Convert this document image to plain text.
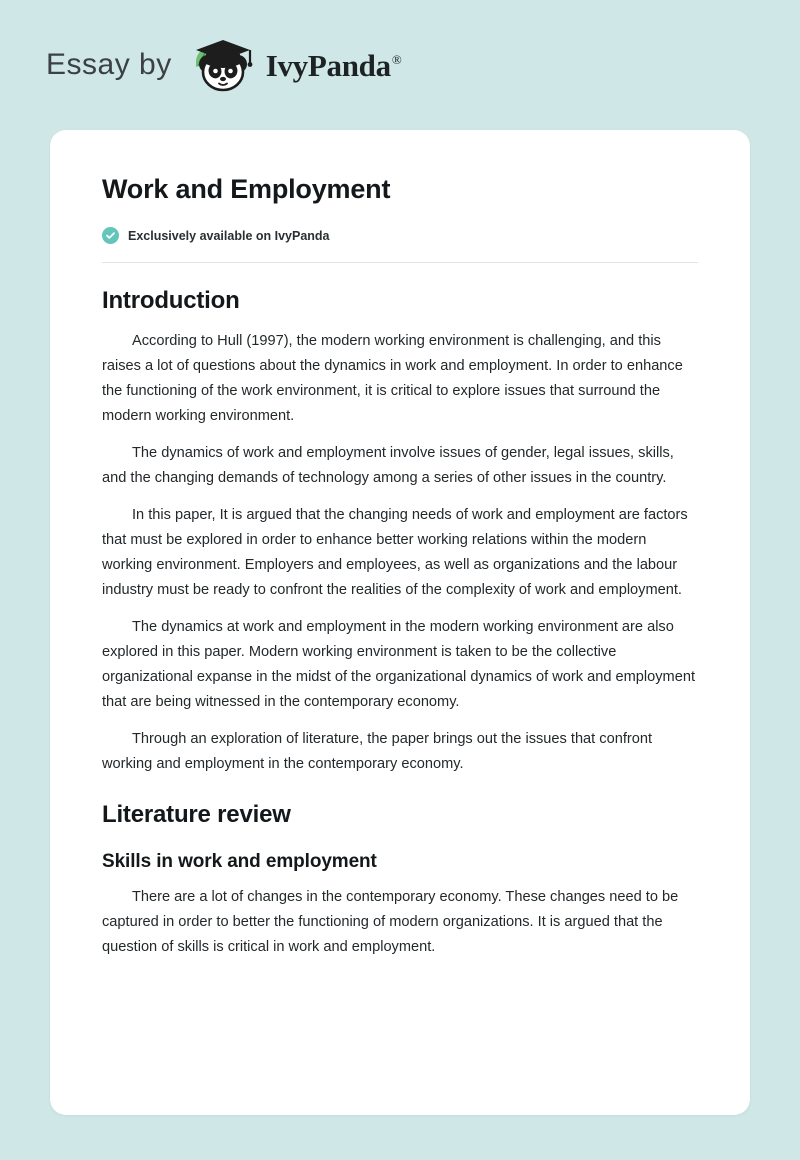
Essay by	IvyPanda ®
Work and Employment
Exclusively available on IvyPanda
Introduction

According to Hull (1997), the modern working environment is challenging, and this raises a lot of questions about the dynamics in work and employment. In order to enhance the functioning of the work environment, it is critical to explore issues that surround the modern working environment.

The dynamics of work and employment involve issues of gender, legal issues, skills, and the changing demands of technology among a series of other issues in the country.

In this paper, It is argued that the changing needs of work and employment are factors that must be explored in order to enhance better working relations within the modern working environment. Employers and employees, as well as organizations and the labour industry must be ready to confront the realities of the complexity of work and employment.

The dynamics at work and employment in the modern working environment are also explored in this paper. Modern working environment is taken to be the collective organizational expanse in the midst of the organizational dynamics of work and employment that are being witnessed in the contemporary economy.

Through an exploration of literature, the paper brings out the issues that confront working and employment in the contemporary economy.

Literature review
Skills in work and employment

There are a lot of changes in the contemporary economy. These changes need to be captured in order to better the functioning of modern organizations. It is argued that the question of skills is critical in work and employment.
